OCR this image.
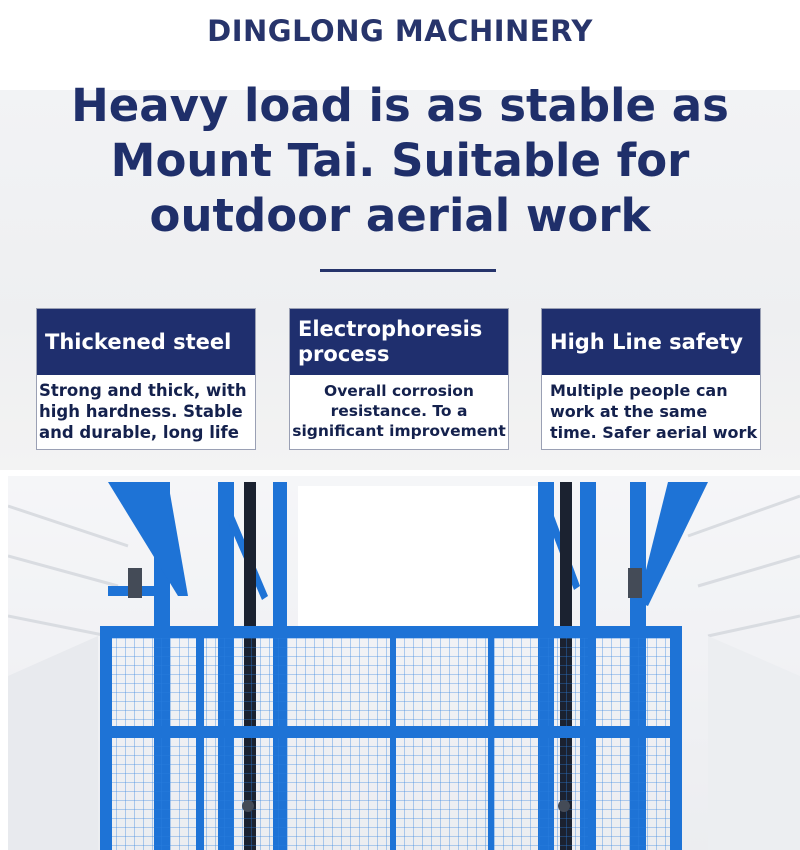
DINGLONG MACHINERY
Heavy load is as stable as
Mount Tai. Suitable for
outdoor aerial work
Thickened steel
Strong and thick, with
high hardness. Stable
and durable, long life
Electrophoresis
process
Overall corrosion
resistance. To a
significant improvement
High Line safety
Multiple people can
work at the same
time. Safer aerial work
